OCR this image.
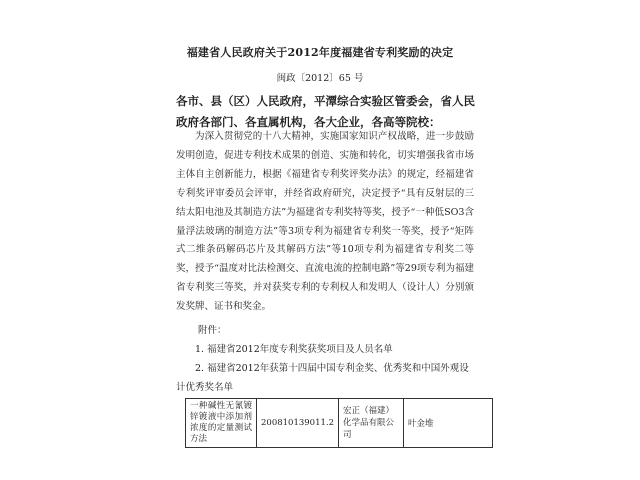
福建省人民政府关于2012年度福建省专利奖励的决定
闽政〔2012〕65 号
各市、县（区）人民政府，平潭综合实验区管委会，省人民政府各部门、各直属机构，各大企业，各高等院校：

为深入贯彻党的十八大精神，实施国家知识产权战略，进一步鼓励发明创造，促进专利技术成果的创造、实施和转化，切实增强我省市场主体自主创新能力，根据《福建省专利奖评奖办法》的规定，经福建省专利奖评审委员会评审，并经省政府研究，决定授予“具有反射层的三结太阳电池及其制造方法”为福建省专利奖特等奖，授予“一种低SO3含量浮法玻璃的制造方法”等3项专利为福建省专利奖一等奖，授予“矩阵式二维条码解码芯片及其解码方法”等10项专利为福建省专利奖二等奖，授予“温度对比法检测交、直流电流的控制电路”等29项专利为福建省专利奖三等奖，并对获奖专利的专利权人和发明人（设计人）分别颁发奖牌、证书和奖金。

附件：

1. 福建省2012年度专利奖获奖项目及人员名单

2. 福建省2012年获第十四届中国专利金奖、优秀奖和中国外观设计优秀奖名单

一种碱性无氰镀锌镀液中添加剂浓度的定量测试方法	200810139011.2	宏正（福建）化学品有限公司	叶金堆
